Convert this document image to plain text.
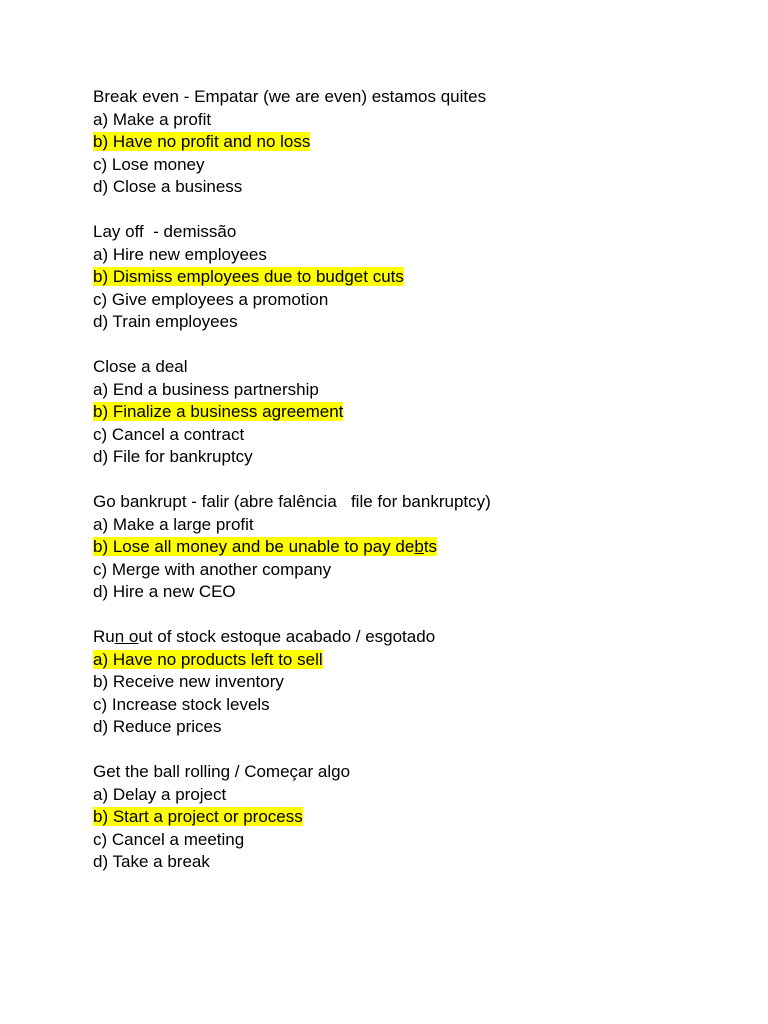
Break even - Empatar (we are even) estamos quites
a) Make a profit
b) Have no profit and no loss
c) Lose money
d) Close a business
Lay off  - demissão
a) Hire new employees
b) Dismiss employees due to budget cuts
c) Give employees a promotion
d) Train employees
Close a deal
a) End a business partnership
b) Finalize a business agreement
c) Cancel a contract
d) File for bankruptcy
Go bankrupt - falir (abre falência   file for bankruptcy)
a) Make a large profit
b) Lose all money and be unable to pay debts
c) Merge with another company
d) Hire a new CEO
Run out of stock estoque acabado / esgotado
a) Have no products left to sell
b) Receive new inventory
c) Increase stock levels
d) Reduce prices
Get the ball rolling / Começar algo
a) Delay a project
b) Start a project or process
c) Cancel a meeting
d) Take a break
